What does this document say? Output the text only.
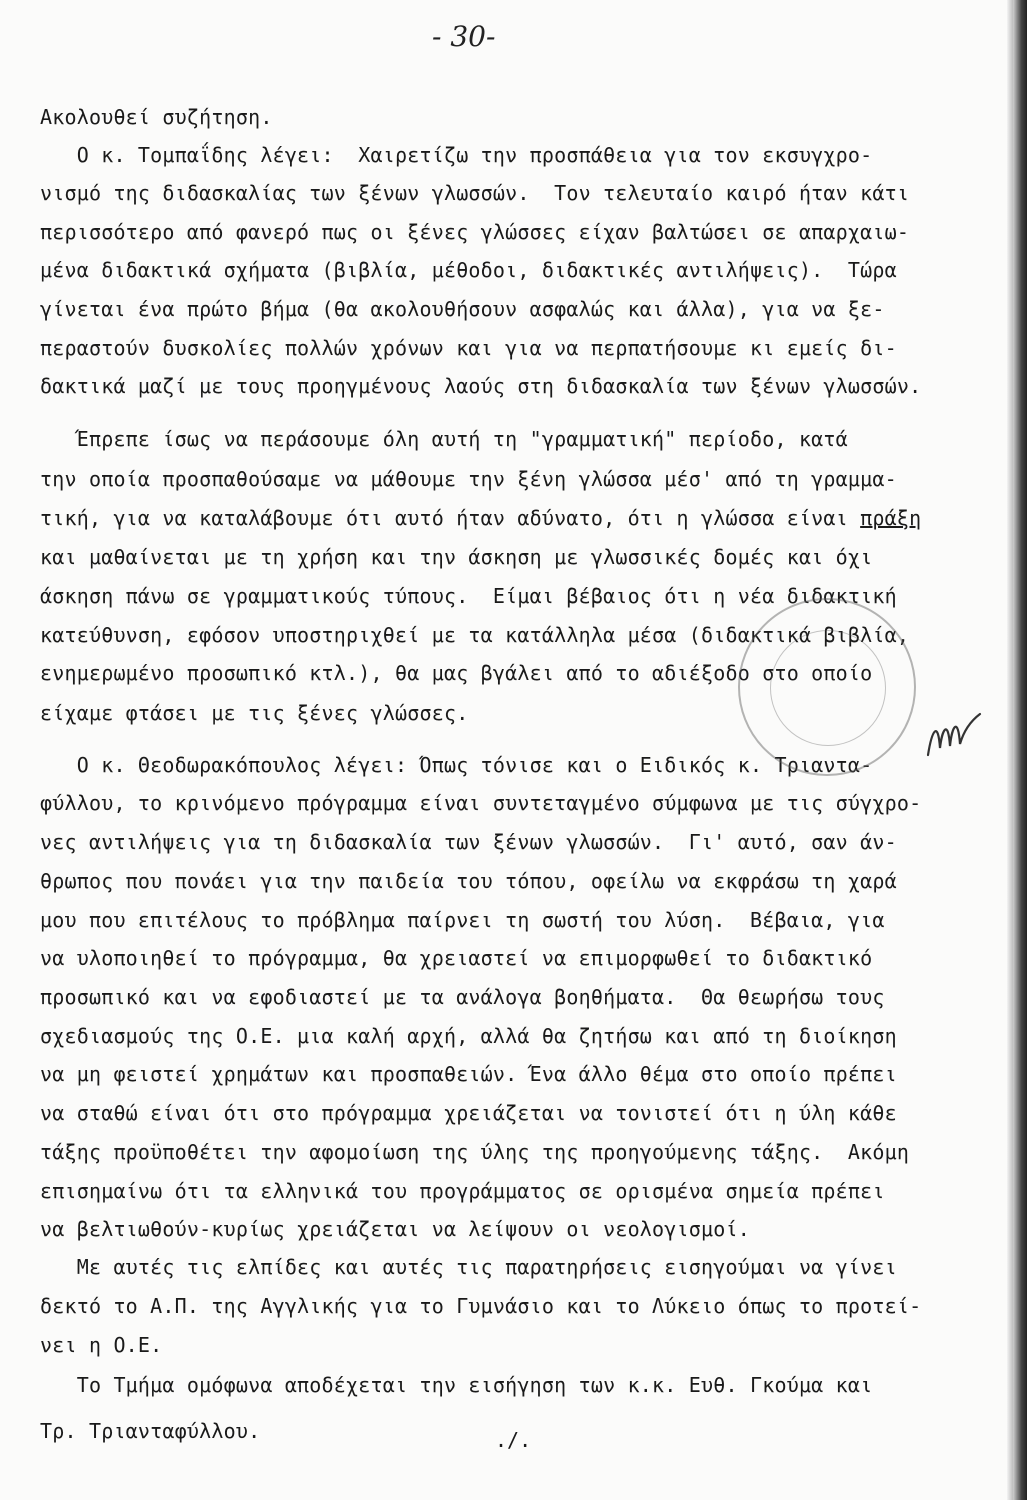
- 30-
Ακολουθεί συζήτηση.
Ο κ. Τομπαΐδης λέγει:  Χαιρετίζω την προσπάθεια για τον εκσυγχρο-
νισμό της διδασκαλίας των ξένων γλωσσών.  Τον τελευταίο καιρό ήταν κάτι
περισσότερο από φανερό πως οι ξένες γλώσσες είχαν βαλτώσει σε απαρχαιω-
μένα διδακτικά σχήματα (βιβλία, μέθοδοι, διδακτικές αντιλήψεις).  Τώρα
γίνεται ένα πρώτο βήμα (θα ακολουθήσουν ασφαλώς και άλλα), για να ξε-
περαστούν δυσκολίες πολλών χρόνων και για να περπατήσουμε κι εμείς δι-
δακτικά μαζί με τους προηγμένους λαούς στη διδασκαλία των ξένων γλωσσών.
Έπρεπε ίσως να περάσουμε όλη αυτή τη "γραμματική" περίοδο, κατά
την οποία προσπαθούσαμε να μάθουμε την ξένη γλώσσα μέσ' από τη γραμμα-
τική, για να καταλάβουμε ότι αυτό ήταν αδύνατο, ότι η γλώσσα είναι πράξη
και μαθαίνεται με τη χρήση και την άσκηση με γλωσσικές δομές και όχι
άσκηση πάνω σε γραμματικούς τύπους.  Είμαι βέβαιος ότι η νέα διδακτική
κατεύθυνση, εφόσον υποστηριχθεί με τα κατάλληλα μέσα (διδακτικά βιβλία,
ενημερωμένο προσωπικό κτλ.), θα μας βγάλει από το αδιέξοδο στο οποίο
είχαμε φτάσει με τις ξένες γλώσσες.
Ο κ. Θεοδωρακόπουλος λέγει: Όπως τόνισε και ο Ειδικός κ. Τριαντα-
φύλλου, το κρινόμενο πρόγραμμα είναι συντεταγμένο σύμφωνα με τις σύγχρο-
νες αντιλήψεις για τη διδασκαλία των ξένων γλωσσών.  Γι' αυτό, σαν άν-
θρωπος που πονάει για την παιδεία του τόπου, οφείλω να εκφράσω τη χαρά
μου που επιτέλους το πρόβλημα παίρνει τη σωστή του λύση.  Βέβαια, για
να υλοποιηθεί το πρόγραμμα, θα χρειαστεί να επιμορφωθεί το διδακτικό
προσωπικό και να εφοδιαστεί με τα ανάλογα βοηθήματα.  Θα θεωρήσω τους
σχεδιασμούς της Ο.Ε. μια καλή αρχή, αλλά θα ζητήσω και από τη διοίκηση
να μη φειστεί χρημάτων και προσπαθειών. Ένα άλλο θέμα στο οποίο πρέπει
να σταθώ είναι ότι στο πρόγραμμα χρειάζεται να τονιστεί ότι η ύλη κάθε
τάξης προϋποθέτει την αφομοίωση της ύλης της προηγούμενης τάξης.  Ακόμη
επισημαίνω ότι τα ελληνικά του προγράμματος σε ορισμένα σημεία πρέπει
να βελτιωθούν-κυρίως χρειάζεται να λείψουν οι νεολογισμοί.
Με αυτές τις ελπίδες και αυτές τις παρατηρήσεις εισηγούμαι να γίνει
δεκτό το Α.Π. της Αγγλικής για το Γυμνάσιο και το Λύκειο όπως το προτεί-
νει η Ο.Ε.
Το Τμήμα ομόφωνα αποδέχεται την εισήγηση των κ.κ. Ευθ. Γκούμα και
Τρ. Τριανταφύλλου.	./.
